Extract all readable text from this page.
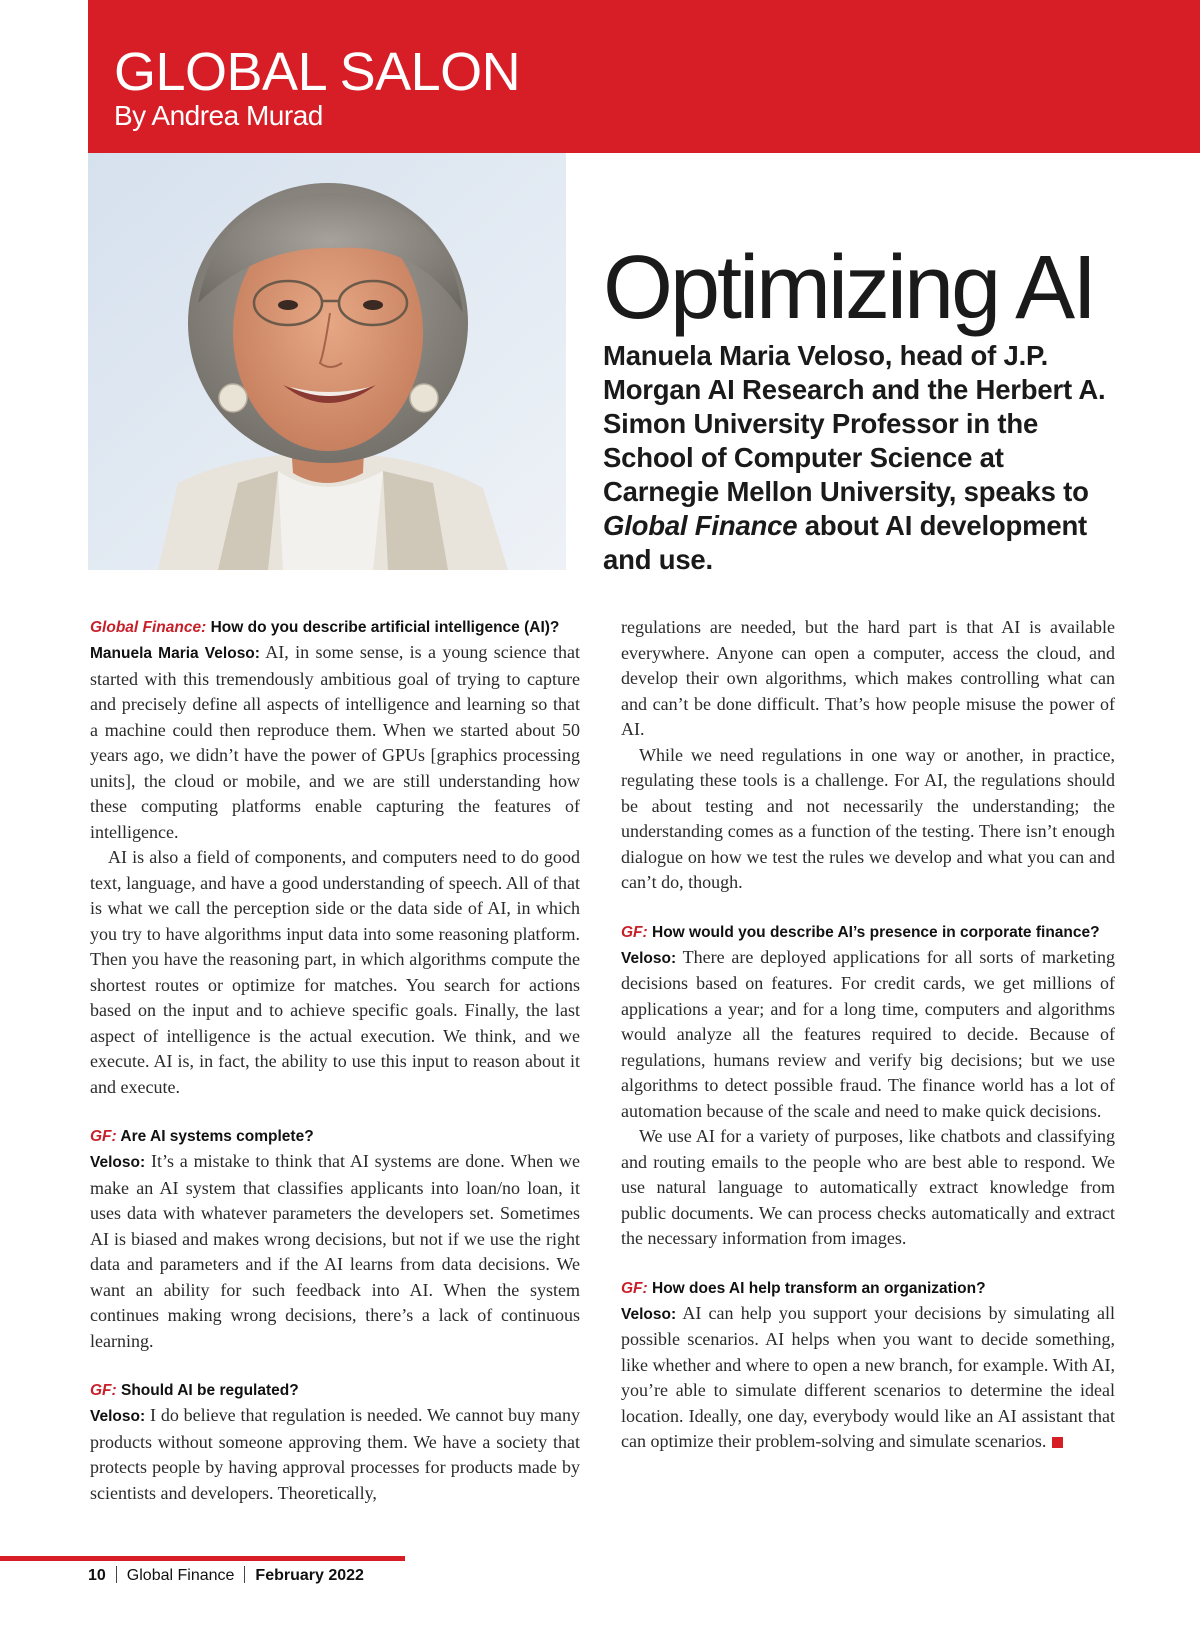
GLOBAL SALON
By Andrea Murad
Optimizing AI
Manuela Maria Veloso, head of J.P. Morgan AI Research and the Herbert A. Simon University Professor in the School of Computer Science at Carnegie Mellon University, speaks to Global Finance about AI development and use.
Global Finance: How do you describe artificial intelligence (AI)?

Manuela Maria Veloso: AI, in some sense, is a young science that started with this tremendously ambitious goal of trying to capture and precisely define all aspects of intelligence and learning so that a machine could then reproduce them. When we started about 50 years ago, we didn’t have the power of GPUs [graphics processing units], the cloud or mobile, and we are still understanding how these computing platforms enable capturing the features of intelligence.

AI is also a field of components, and computers need to do good text, language, and have a good understanding of speech. All of that is what we call the perception side or the data side of AI, in which you try to have algorithms input data into some reasoning platform. Then you have the reasoning part, in which algorithms compute the shortest routes or optimize for matches. You search for actions based on the input and to achieve specific goals. Finally, the last aspect of intelligence is the actual execution. We think, and we execute. AI is, in fact, the ability to use this input to reason about it and execute.

GF: Are AI systems complete?

Veloso: It’s a mistake to think that AI systems are done. When we make an AI system that classifies applicants into loan/no loan, it uses data with whatever parameters the developers set. Sometimes AI is biased and makes wrong decisions, but not if we use the right data and parameters and if the AI learns from data decisions. We want an ability for such feedback into AI. When the system continues making wrong decisions, there’s a lack of continuous learning.

GF: Should AI be regulated?

Veloso: I do believe that regulation is needed. We cannot buy many products without someone approving them. We have a society that protects people by having approval processes for products made by scientists and developers. Theoretically,

regulations are needed, but the hard part is that AI is available everywhere. Anyone can open a computer, access the cloud, and develop their own algorithms, which makes controlling what can and can’t be done difficult. That’s how people misuse the power of AI.

While we need regulations in one way or another, in practice, regulating these tools is a challenge. For AI, the regulations should be about testing and not necessarily the understanding; the understanding comes as a function of the testing. There isn’t enough dialogue on how we test the rules we develop and what you can and can’t do, though.

GF: How would you describe AI’s presence in corporate finance?

Veloso: There are deployed applications for all sorts of marketing decisions based on features. For credit cards, we get millions of applications a year; and for a long time, computers and algorithms would analyze all the features required to decide. Because of regulations, humans review and verify big decisions; but we use algorithms to detect possible fraud. The finance world has a lot of automation because of the scale and need to make quick decisions.

We use AI for a variety of purposes, like chatbots and classifying and routing emails to the people who are best able to respond. We use natural language to automatically extract knowledge from public documents. We can process checks automatically and extract the necessary information from images.

GF: How does AI help transform an organization?

Veloso: AI can help you support your decisions by simulating all possible scenarios. AI helps when you want to decide something, like whether and where to open a new branch, for example. With AI, you’re able to simulate different scenarios to determine the ideal location. Ideally, one day, everybody would like an AI assistant that can optimize their problem-solving and simulate scenarios.

10 Global Finance February 2022
